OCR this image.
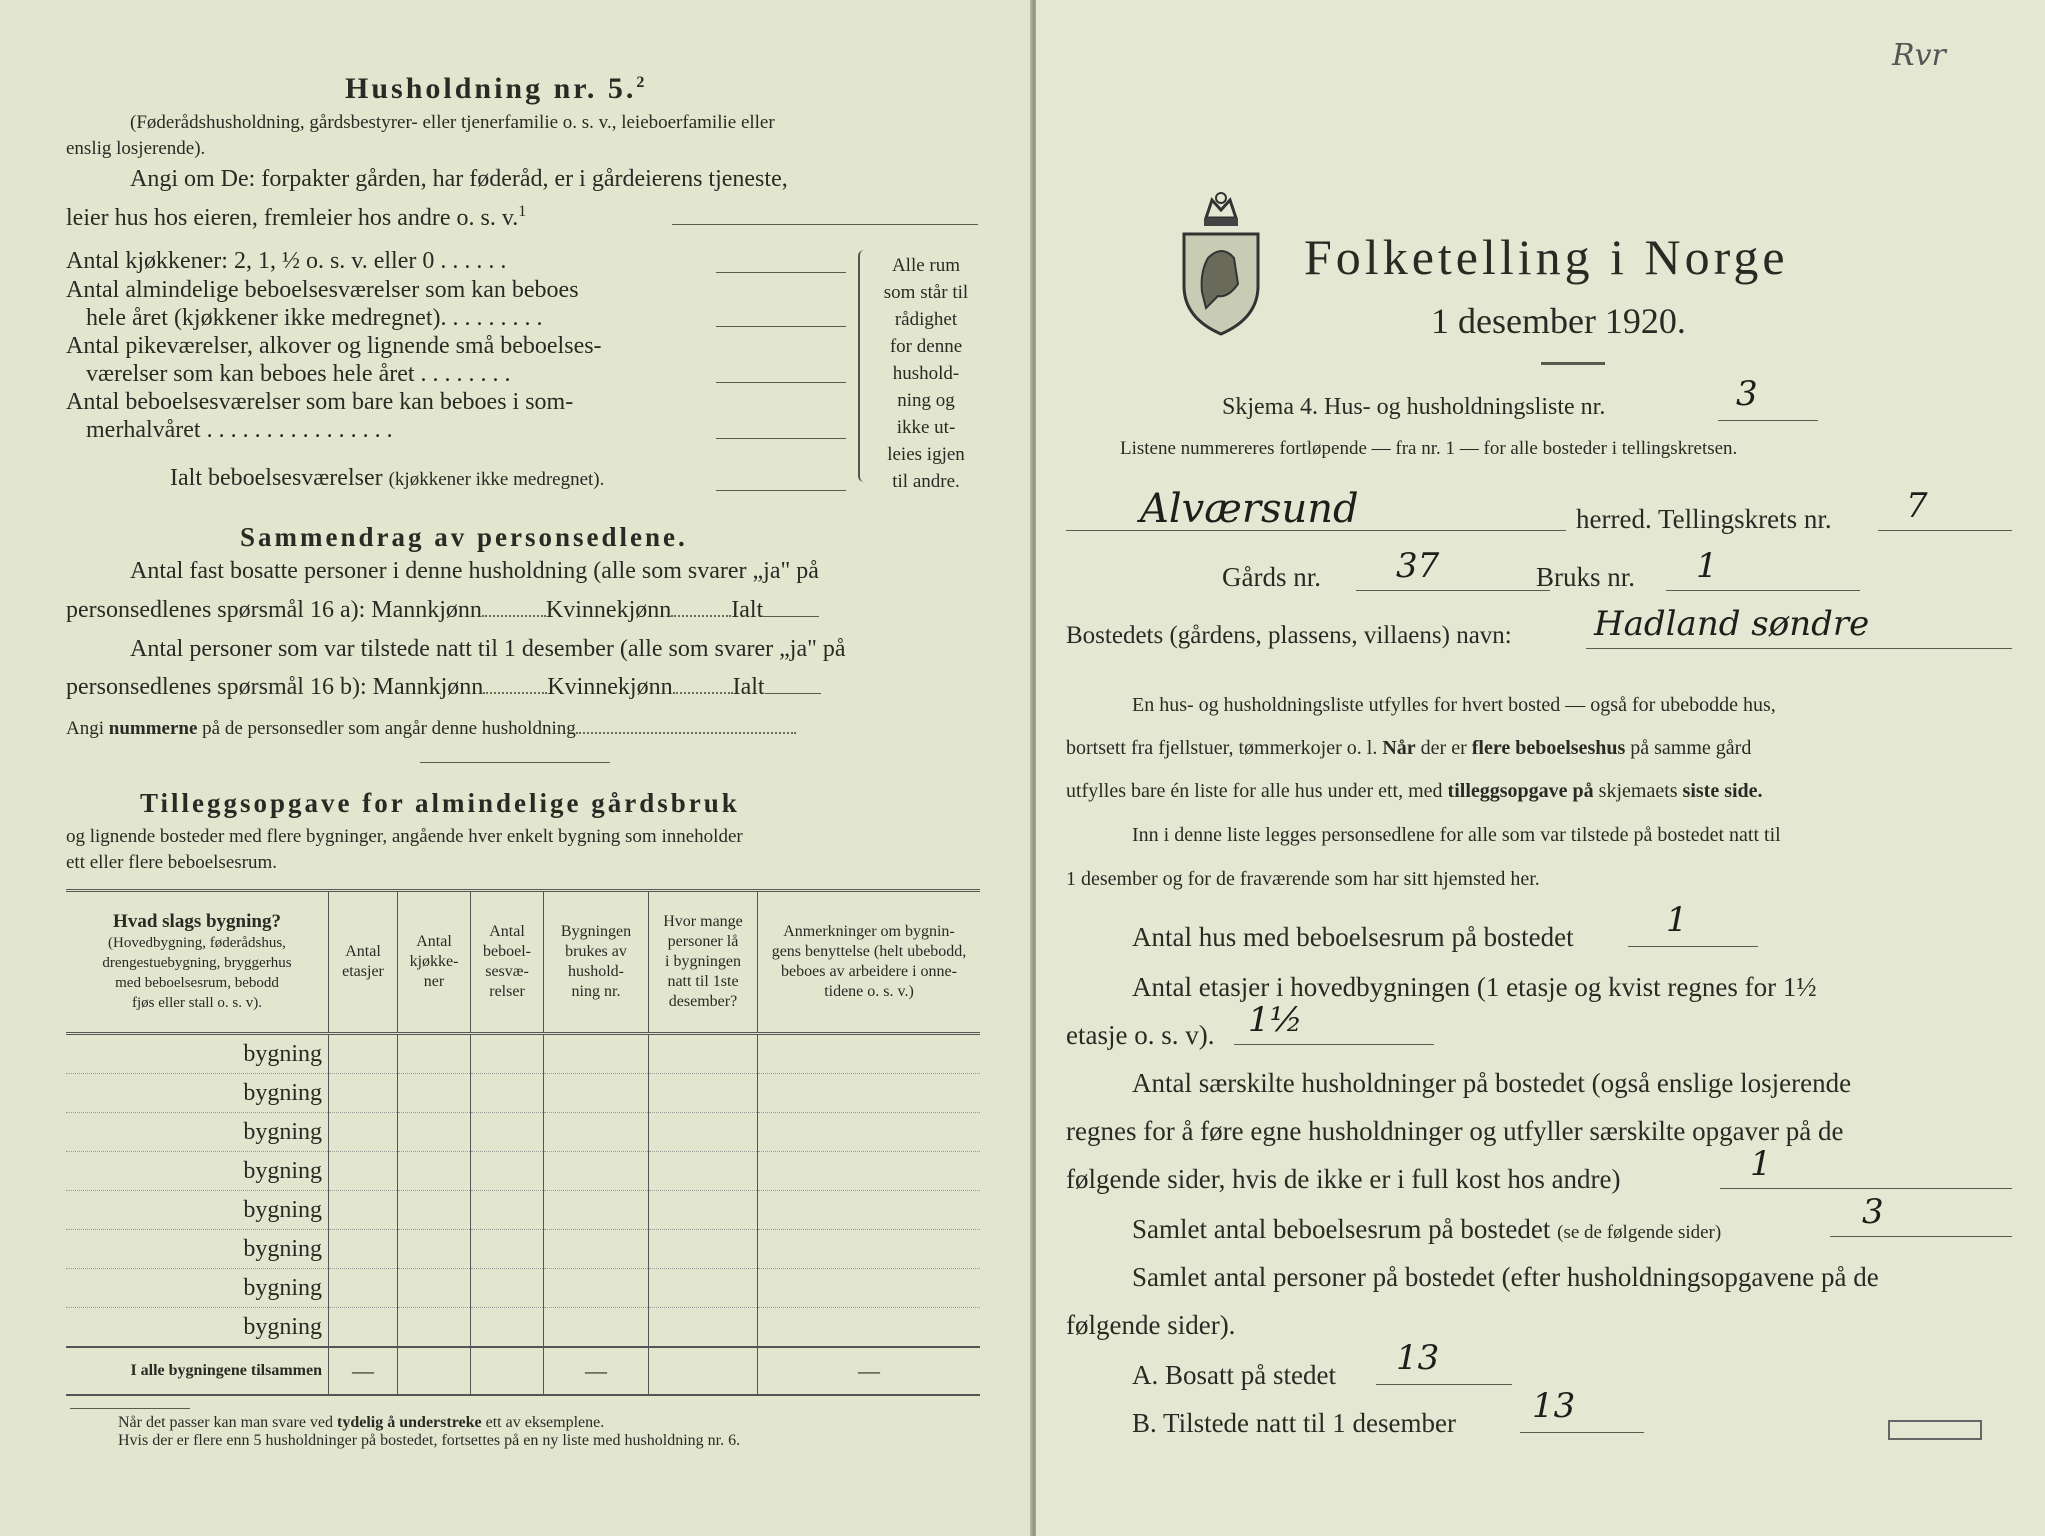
Husholdning nr. 5.$^2$
(Føderådshusholdning, gårdsbestyrer- eller tjenerfamilie o. s. v., leieboerfamilie eller
enslig losjerende).
Angi om De: forpakter gården, har føderåd, er i gårdeierens tjeneste,
leier hus hos eieren, fremleier hos andre o. s. v.$^1$
Antal kjøkkener: 2, 1, ½ o. s. v. eller 0 . . . . . .
Antal almindelige beboelsesværelser som kan beboes
hele året (kjøkkener ikke medregnet). . . . . . . . .
Antal pikeværelser, alkover og lignende små beboelses-
værelser som kan beboes hele året . . . . . . . .
Antal beboelsesværelser som bare kan beboes i som-
merhalvåret . . . . . . . . . . . . . . . .
Ialt beboelsesværelser (kjøkkener ikke medregnet).
Alle rum
som står til
rådighet
for denne
hushold-
ning og
ikke ut-
leies igjen
til andre.
Sammendrag av personsedlene.
Antal fast bosatte personer i denne husholdning (alle som svarer „ja" på
personsedlenes spørsmål 16 a): Mannkjønn	Kvinnekjønn	Ialt
Antal personer som var tilstede natt til 1 desember (alle som svarer „ja" på
personsedlenes spørsmål 16 b): Mannkjønn	Kvinnekjønn	Ialt
Angi nummerne på de personsedler som angår denne husholdning
Tilleggsopgave for almindelige gårdsbruk
og lignende bosteder med flere bygninger, angående hver enkelt bygning som inneholder
ett eller flere beboelsesrum.
Hvad slags bygning?
(Hovedbygning, føderådshus,
drengestuebygning, bryggerhus
med beboelsesrum, bebodd
fjøs eller stall o. s. v).	Antal
etasjer	Antal
kjøkke-
ner	Antal
beboel-
sesvæ-
relser	Bygningen
brukes av
hushold-
ning nr.	Hvor mange
personer lå
i bygningen
natt til 1ste
desember?	Anmerkninger om bygnin-
gens benyttelse (helt ubebodd,
beboes av arbeidere i onne-
tidene o. s. v.)
bygning						
bygning						
bygning						
bygning						
bygning						
bygning						
bygning						
bygning						
I alle bygningene tilsammen	—			—		—
Når det passer kan man svare ved tydelig å understreke ett av eksemplene.
Hvis der er flere enn 5 husholdninger på bostedet, fortsettes på en ny liste med husholdning nr. 6.
Rvr
Folketelling i Norge
1 desember 1920.
Skjema 4. Hus- og husholdningsliste nr.	3
Listene nummereres fortløpende — fra nr. 1 — for alle bosteder i tellingskretsen.
Alværsund	herred. Tellingskrets nr. 7
Gårds nr. 37	Bruks nr. 1
Bostedets (gårdens, plassens, villaens) navn: Hadland søndre
En hus- og husholdningsliste utfylles for hvert bosted — også for ubebodde hus,
bortsett fra fjellstuer, tømmerkojer o. l. Når der er flere beboelseshus på samme gård
utfylles bare én liste for alle hus under ett, med tilleggsopgave på skjemaets siste side.
Inn i denne liste legges personsedlene for alle som var tilstede på bostedet natt til
1 desember og for de fraværende som har sitt hjemsted her.
Antal hus med beboelsesrum på bostedet	1
Antal etasjer i hovedbygningen (1 etasje og kvist regnes for 1½
etasje o. s. v). 1½
Antal særskilte husholdninger på bostedet (også enslige losjerende
regnes for å føre egne husholdninger og utfyller særskilte opgaver på de
følgende sider, hvis de ikke er i full kost hos andre)	1
Samlet antal beboelsesrum på bostedet (se de følgende sider)
3
Samlet antal personer på bostedet (efter husholdningsopgavene på de
følgende sider).
A. Bosatt på stedet 13
B. Tilstede natt til 1 desember 13
